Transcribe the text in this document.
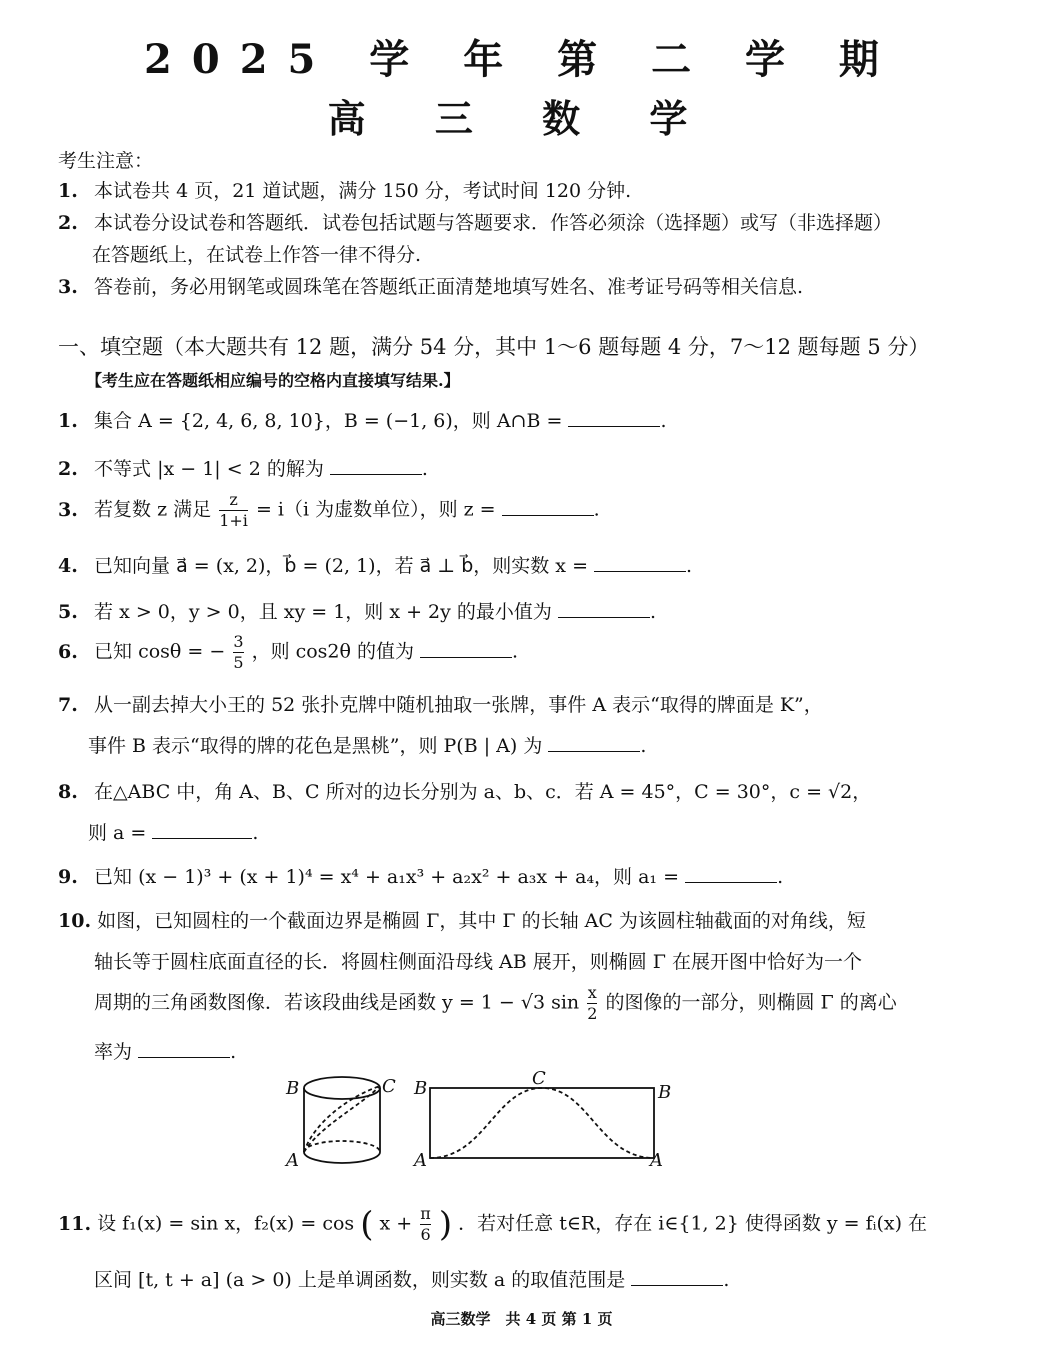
2025 学 年 第 二 学 期
高 三 数 学
考生注意：
1. 本试卷共 4 页，21 道试题，满分 150 分，考试时间 120 分钟.
2. 本试卷分设试卷和答题纸．试卷包括试题与答题要求．作答必须涂（选择题）或写（非选择题）
在答题纸上，在试卷上作答一律不得分.
3. 答卷前，务必用钢笔或圆珠笔在答题纸正面清楚地填写姓名、准考证号码等相关信息.
一、填空题（本大题共有 12 题，满分 54 分，其中 1～6 题每题 4 分，7～12 题每题 5 分）
【考生应在答题纸相应编号的空格内直接填写结果.】
1. 集合 A = {2, 4, 6, 8, 10}，B = (−1, 6)，则 A∩B =	.
2. 不等式 |x − 1| < 2 的解为	.
3. 若复数 z 满足 $\frac{z}{1+i} = i(i$ 为虚数单位），则 z =	.
4. 已知向量 a⃗ = (x, 2)，b⃗ = (2, 1)，若 a⃗ ⊥ b⃗，则实数 x =	.
5. 若 x > 0，y > 0，且 xy = 1，则 x + 2y 的最小值为	.
6. 已知 cosθ = − $\frac{3}{5}$ ，则 cos2θ 的值为	.
7. 从一副去掉大小王的 52 张扑克牌中随机抽取一张牌，事件 A 表示“取得的牌面是 K”，
事件 B 表示“取得的牌的花色是黑桃”，则 P(B | A) 为	.
8. 在△ABC 中，角 A、B、C 所对的边长分别为 a、b、c．若 A = 45°，C = 30°，c = √2，
则 a =	.
9. 已知 (x − 1)³ + (x + 1)⁴ = x⁴ + a₁x³ + a₂x² + a₃x + a₄，则 a₁ =	.
10. 如图，已知圆柱的一个截面边界是椭圆 Γ，其中 Γ 的长轴 AC 为该圆柱轴截面的对角线，短
轴长等于圆柱底面直径的长．将圆柱侧面沿母线 AB 展开，则椭圆 Γ 在展开图中恰好为一个
周期的三角函数图像．若该段曲线是函数 y = 1 − √3 $\sin \frac{x}{2}$ 的图像的一部分，则椭圆 Γ 的离心
率为	.
B	C
A
B	C
B
A	A
11. 设 f₁(x) = sin x，f₂(x) = cos ( $x + \frac{\pi}{6}$ ) ．若对任意 t∈R，存在 i∈{1, 2} 使得函数 y = fᵢ(x) 在
区间 [t, t + a] (a > 0) 上是单调函数，则实数 a 的取值范围是	.
高三数学　共 4 页 第 1 页
